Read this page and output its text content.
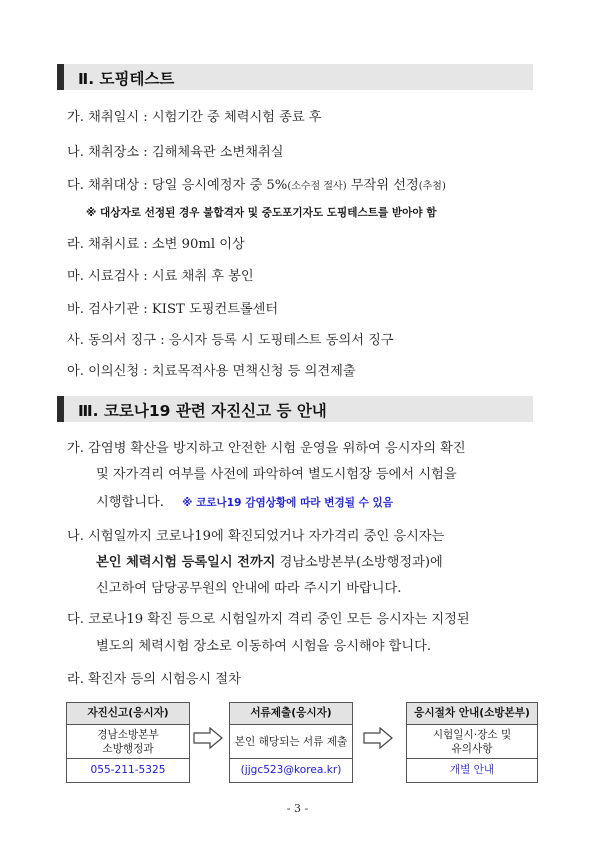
Ⅱ. 도핑테스트
가. 채취일시 : 시험기간 중 체력시험 종료 후
나. 채취장소 : 김해체육관 소변채취실
다. 채취대상 : 당일 응시예정자 중 5%(소수점 절사) 무작위 선정(추첨)
※ 대상자로 선정된 경우 불합격자 및 중도포기자도 도핑테스트를 받아야 함
라. 채취시료 : 소변 90ml 이상
마. 시료검사 : 시료 채취 후 봉인
바. 검사기관 : KIST 도핑컨트롤센터
사. 동의서 징구 : 응시자 등록 시 도핑테스트 동의서 징구
아. 이의신청 : 치료목적사용 면책신청 등 의견제출
Ⅲ. 코로나19 관련 자진신고 등 안내
가. 감염병 확산을 방지하고 안전한 시험 운영을 위하여 응시자의 확진
및 자가격리 여부를 사전에 파악하여 별도시험장 등에서 시험을
시행합니다. ※ 코로나19 감염상황에 따라 변경될 수 있음
나. 시험일까지 코로나19에 확진되었거나 자가격리 중인 응시자는
본인 체력시험 등록일시 전까지 경남소방본부(소방행정과)에
신고하여 담당공무원의 안내에 따라 주시기 바랍니다.
다. 코로나19 확진 등으로 시험일까지 격리 중인 모든 응시자는 지정된
별도의 체력시험 장소로 이동하여 시험을 응시해야 합니다.
라. 확진자 등의 시험응시 절차
자진신고(응시자)
경남소방본부
소방행정과
055-211-5325
서류제출(응시자)
본인 해당되는 서류 제출
(jjgc523@korea.kr)
응시절차 안내(소방본부)
시험일시·장소 및
유의사항
개별 안내
- 3 -
